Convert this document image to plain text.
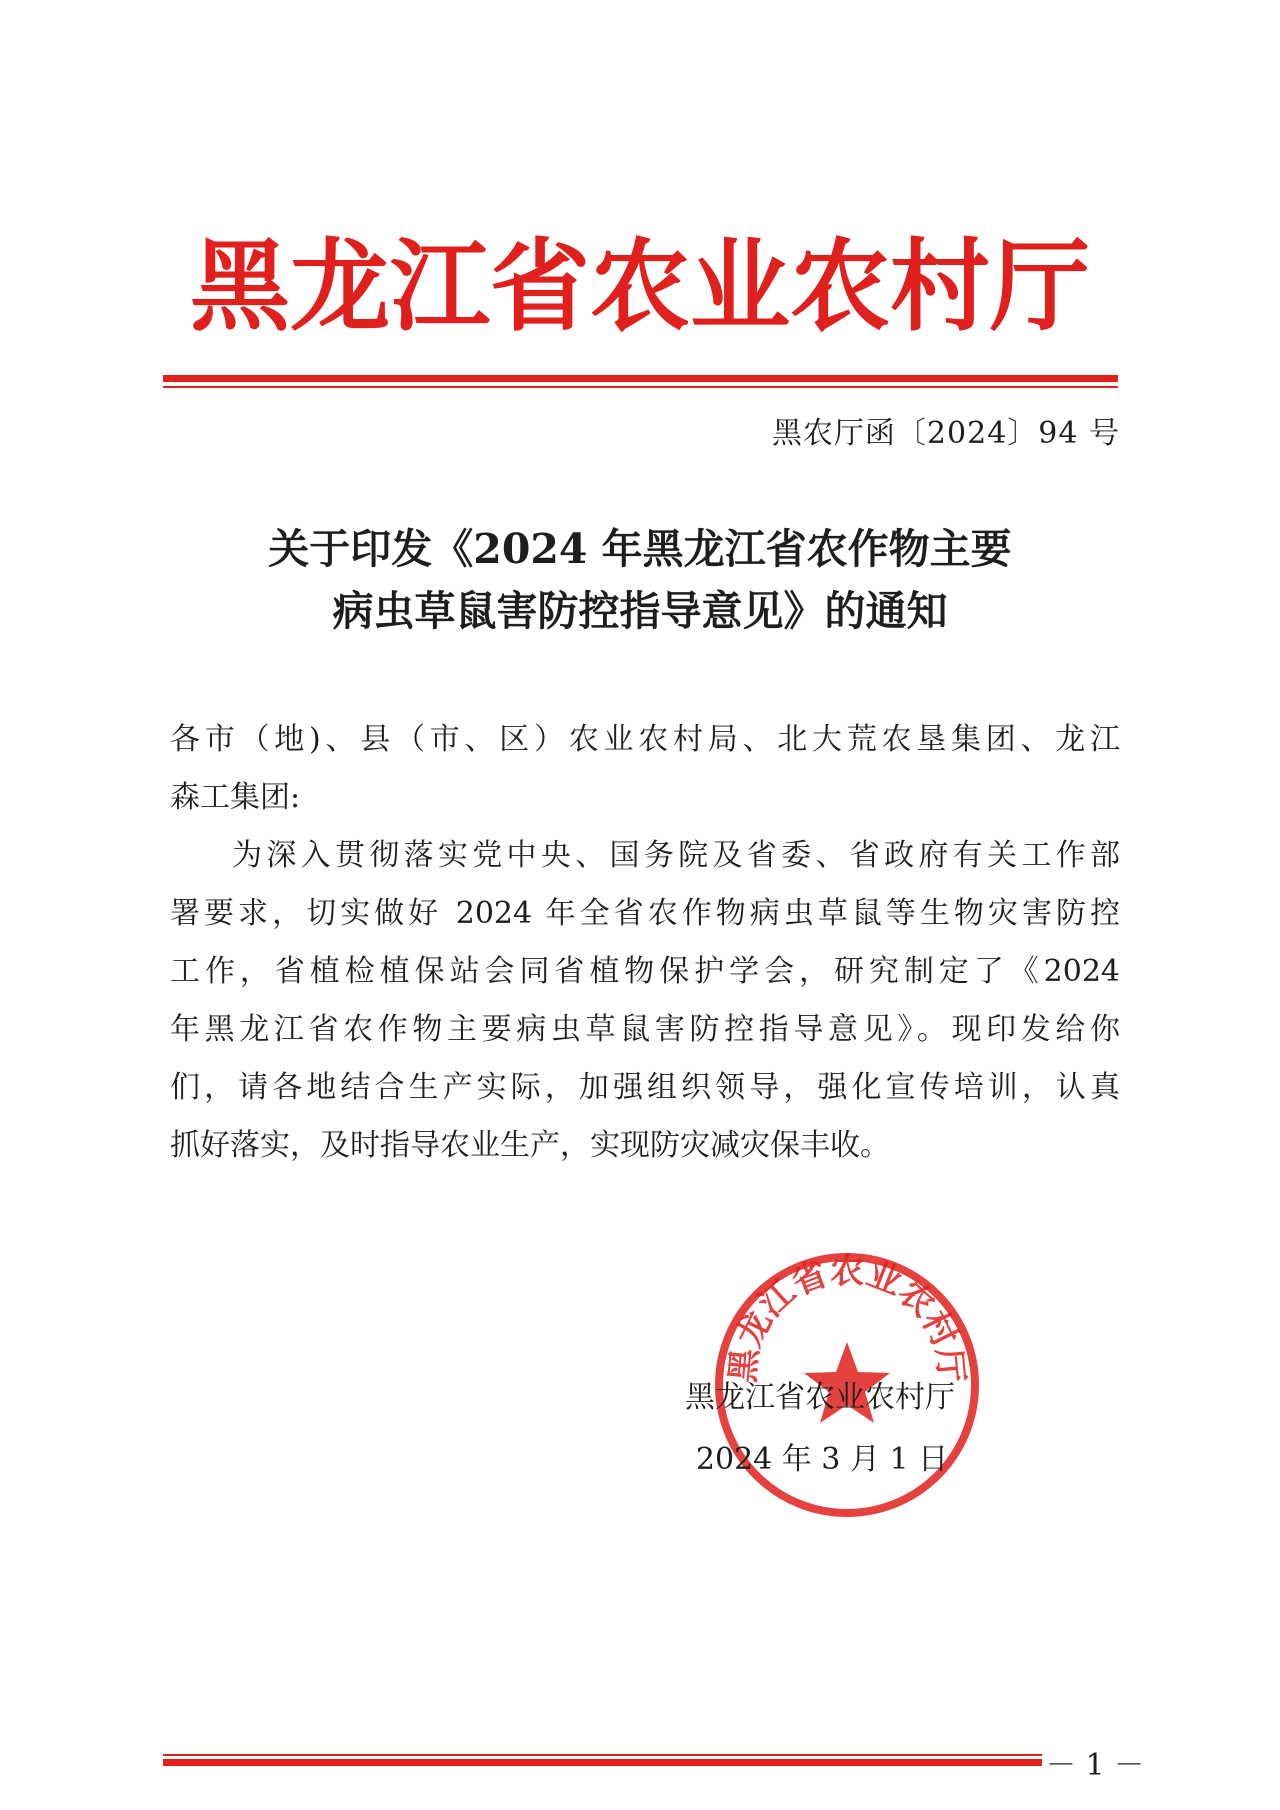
黑龙江省农业农村厅
黑农厅函〔2024〕94 号
关于印发《2024 年黑龙江省农作物主要
病虫草鼠害防控指导意见》的通知
各市（地)、县（市、区）农业农村局、北大荒农垦集团、龙江
森工集团:
为深入贯彻落实党中央、国务院及省委、省政府有关工作部
署要求，切实做好 2024 年全省农作物病虫草鼠等生物灾害防控
工作，省植检植保站会同省植物保护学会，研究制定了《2024
年黑龙江省农作物主要病虫草鼠害防控指导意见》。现印发给你
们，请各地结合生产实际，加强组织领导，强化宣传培训，认真
抓好落实，及时指导农业生产，实现防灾减灾保丰收。
黑龙江省农业农村厅
黑龙江省农业农村厅
2024 年 3 月 1 日
－ 1 －
